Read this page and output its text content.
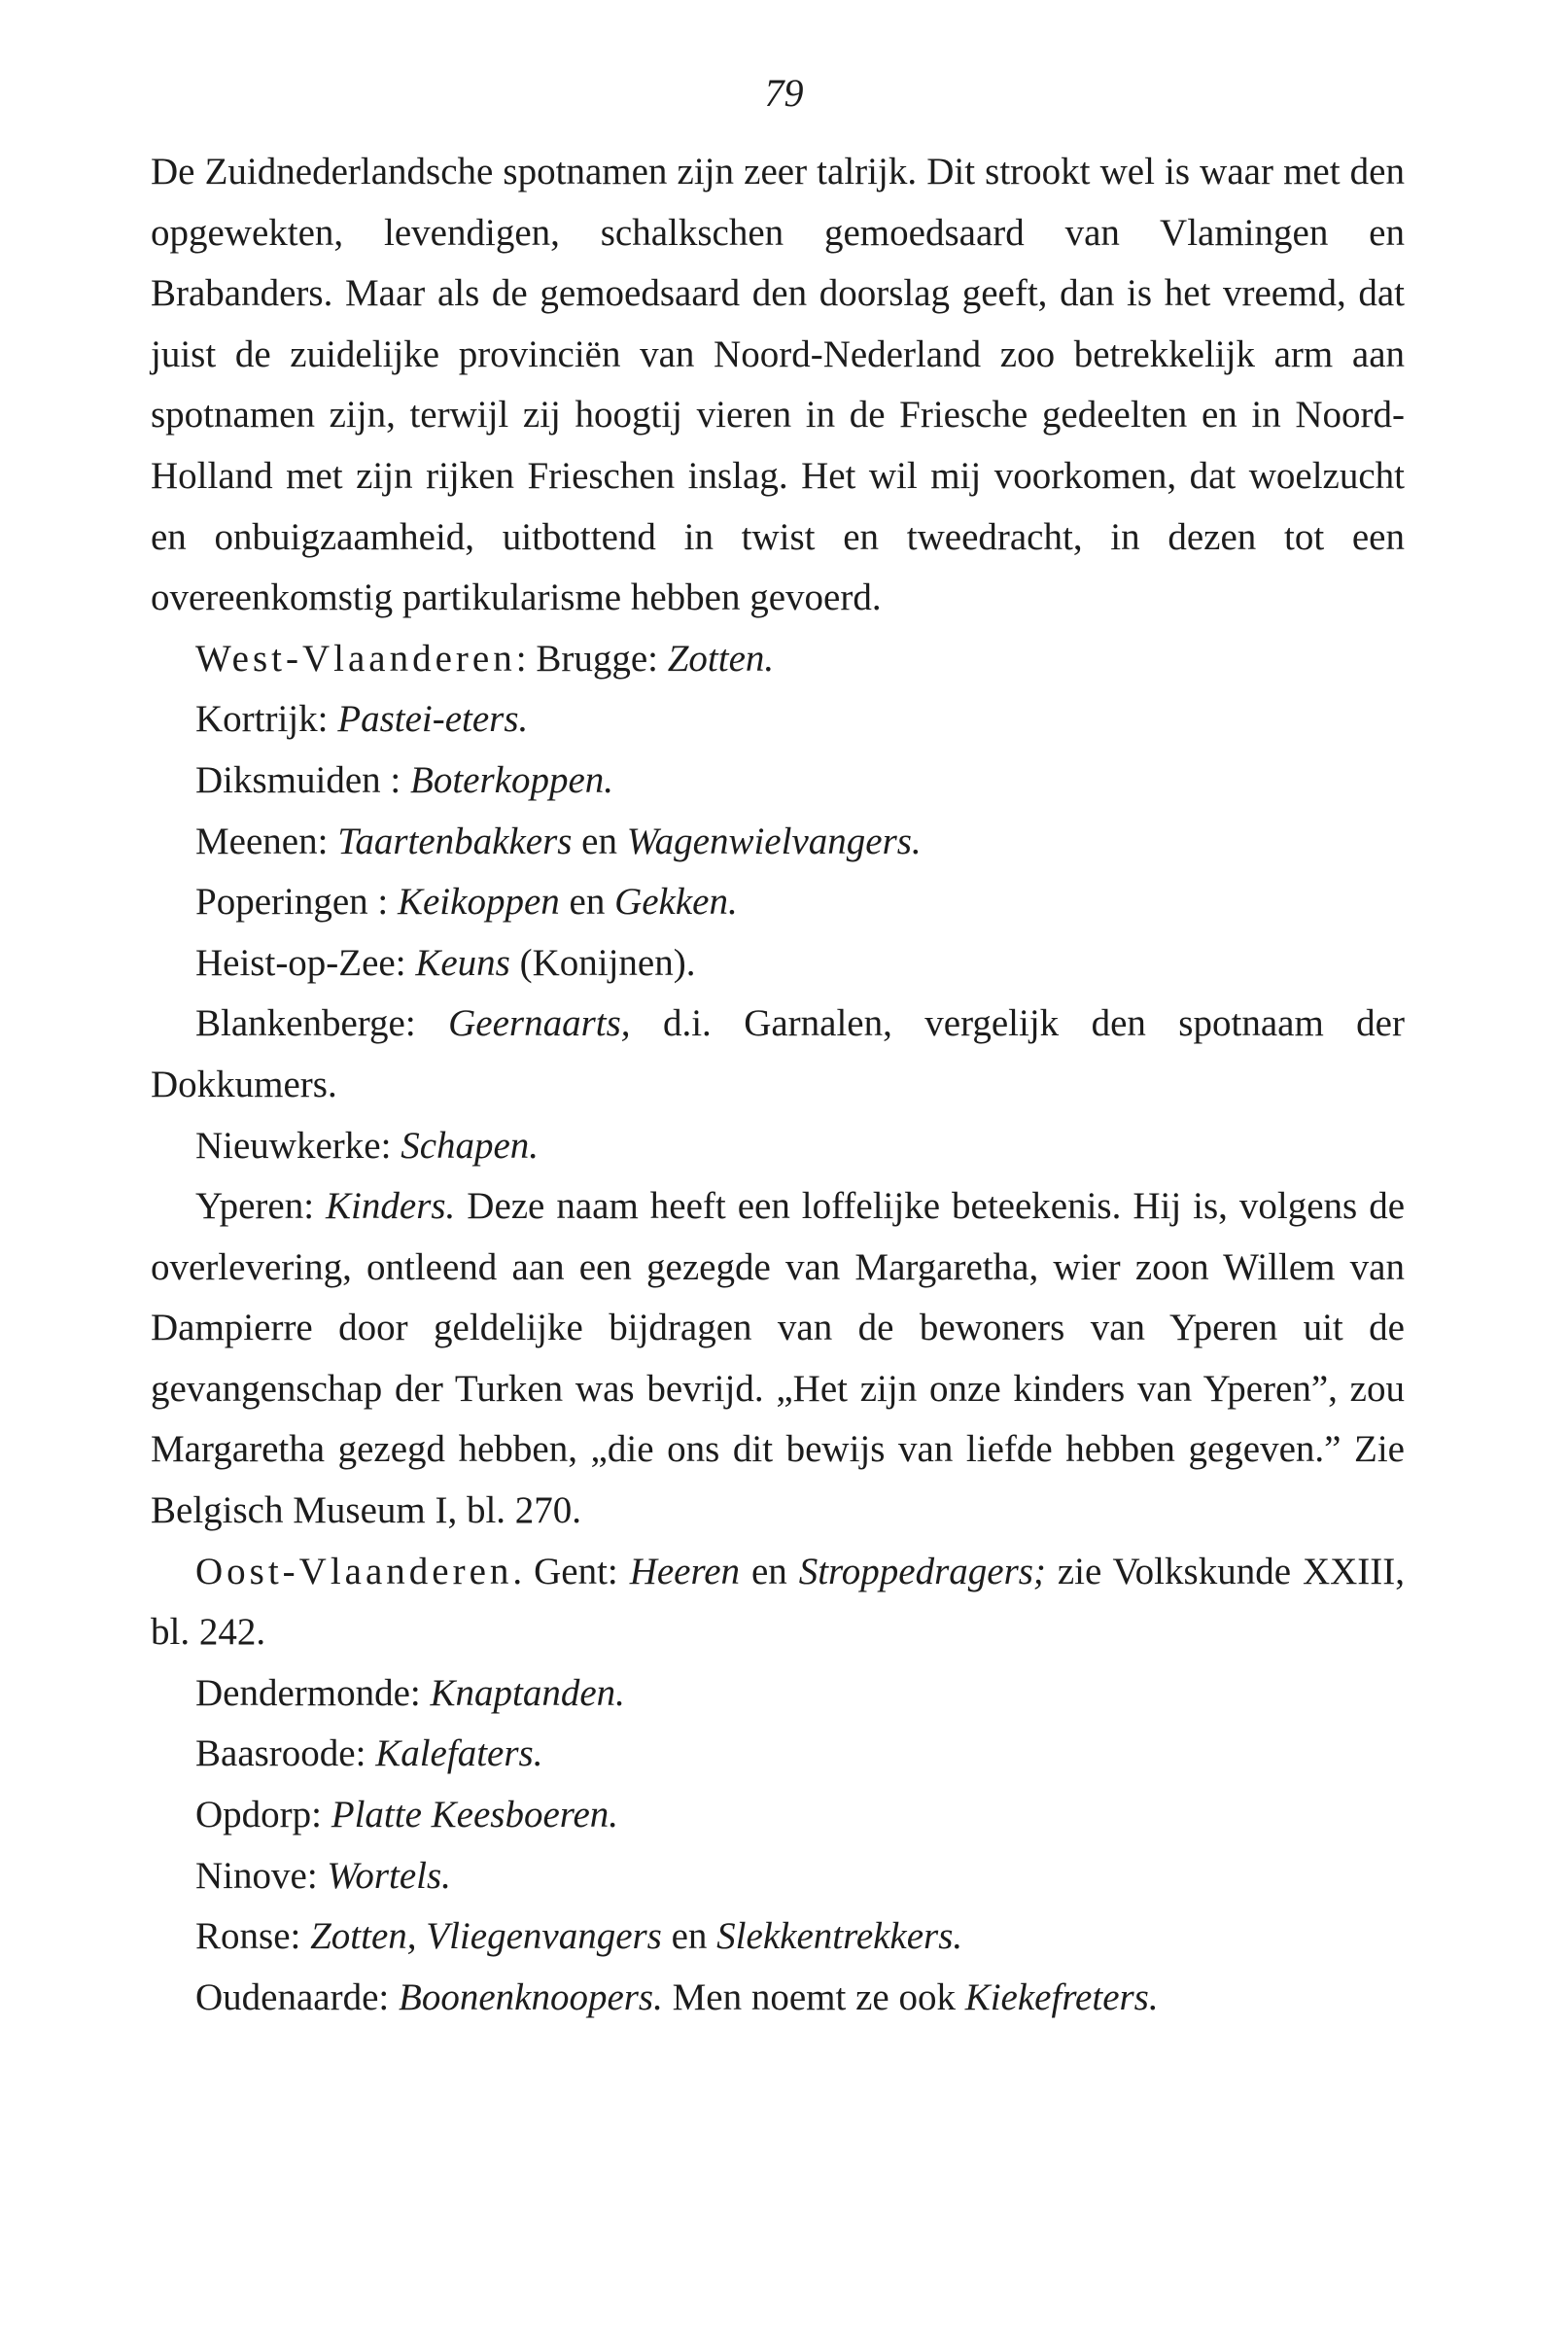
79

De Zuidnederlandsche spotnamen zijn zeer talrijk. Dit strookt wel is waar met den opgewekten, levendigen, schalkschen gemoedsaard van Vlamingen en Brabanders. Maar als de gemoedsaard den doorslag geeft, dan is het vreemd, dat juist de zuidelijke provinciën van Noord-Nederland zoo betrekkelijk arm aan spotnamen zijn, terwijl zij hoogtij vieren in de Friesche gedeelten en in Noord-Holland met zijn rijken Frieschen inslag. Het wil mij voorkomen, dat woelzucht en onbuigzaamheid, uitbottend in twist en tweedracht, in dezen tot een overeenkomstig partikularisme hebben gevoerd.

West-Vlaanderen: Brugge: Zotten.

Kortrijk: Pastei-eters.

Diksmuiden : Boterkoppen.

Meenen: Taartenbakkers en Wagenwielvangers.

Poperingen : Keikoppen en Gekken.

Heist-op-Zee: Keuns (Konijnen).

Blankenberge: Geernaarts, d.i. Garnalen, vergelijk den spotnaam der Dokkumers.

Nieuwkerke: Schapen.

Yperen: Kinders. Deze naam heeft een loffelijke beteekenis. Hij is, volgens de overlevering, ontleend aan een gezegde van Margaretha, wier zoon Willem van Dampierre door geldelijke bijdragen van de bewoners van Yperen uit de gevangenschap der Turken was bevrijd. „Het zijn onze kinders van Yperen”, zou Margaretha gezegd hebben, „die ons dit bewijs van liefde hebben gegeven.” Zie Belgisch Museum I, bl. 270.

Oost-Vlaanderen. Gent: Heeren en Stroppedragers; zie Volkskunde XXIII, bl. 242.

Dendermonde: Knaptanden.

Baasroode: Kalefaters.

Opdorp: Platte Keesboeren.

Ninove: Wortels.

Ronse: Zotten, Vliegenvangers en Slekkentrekkers.

Oudenaarde: Boonenknoopers. Men noemt ze ook Kiekefreters.
